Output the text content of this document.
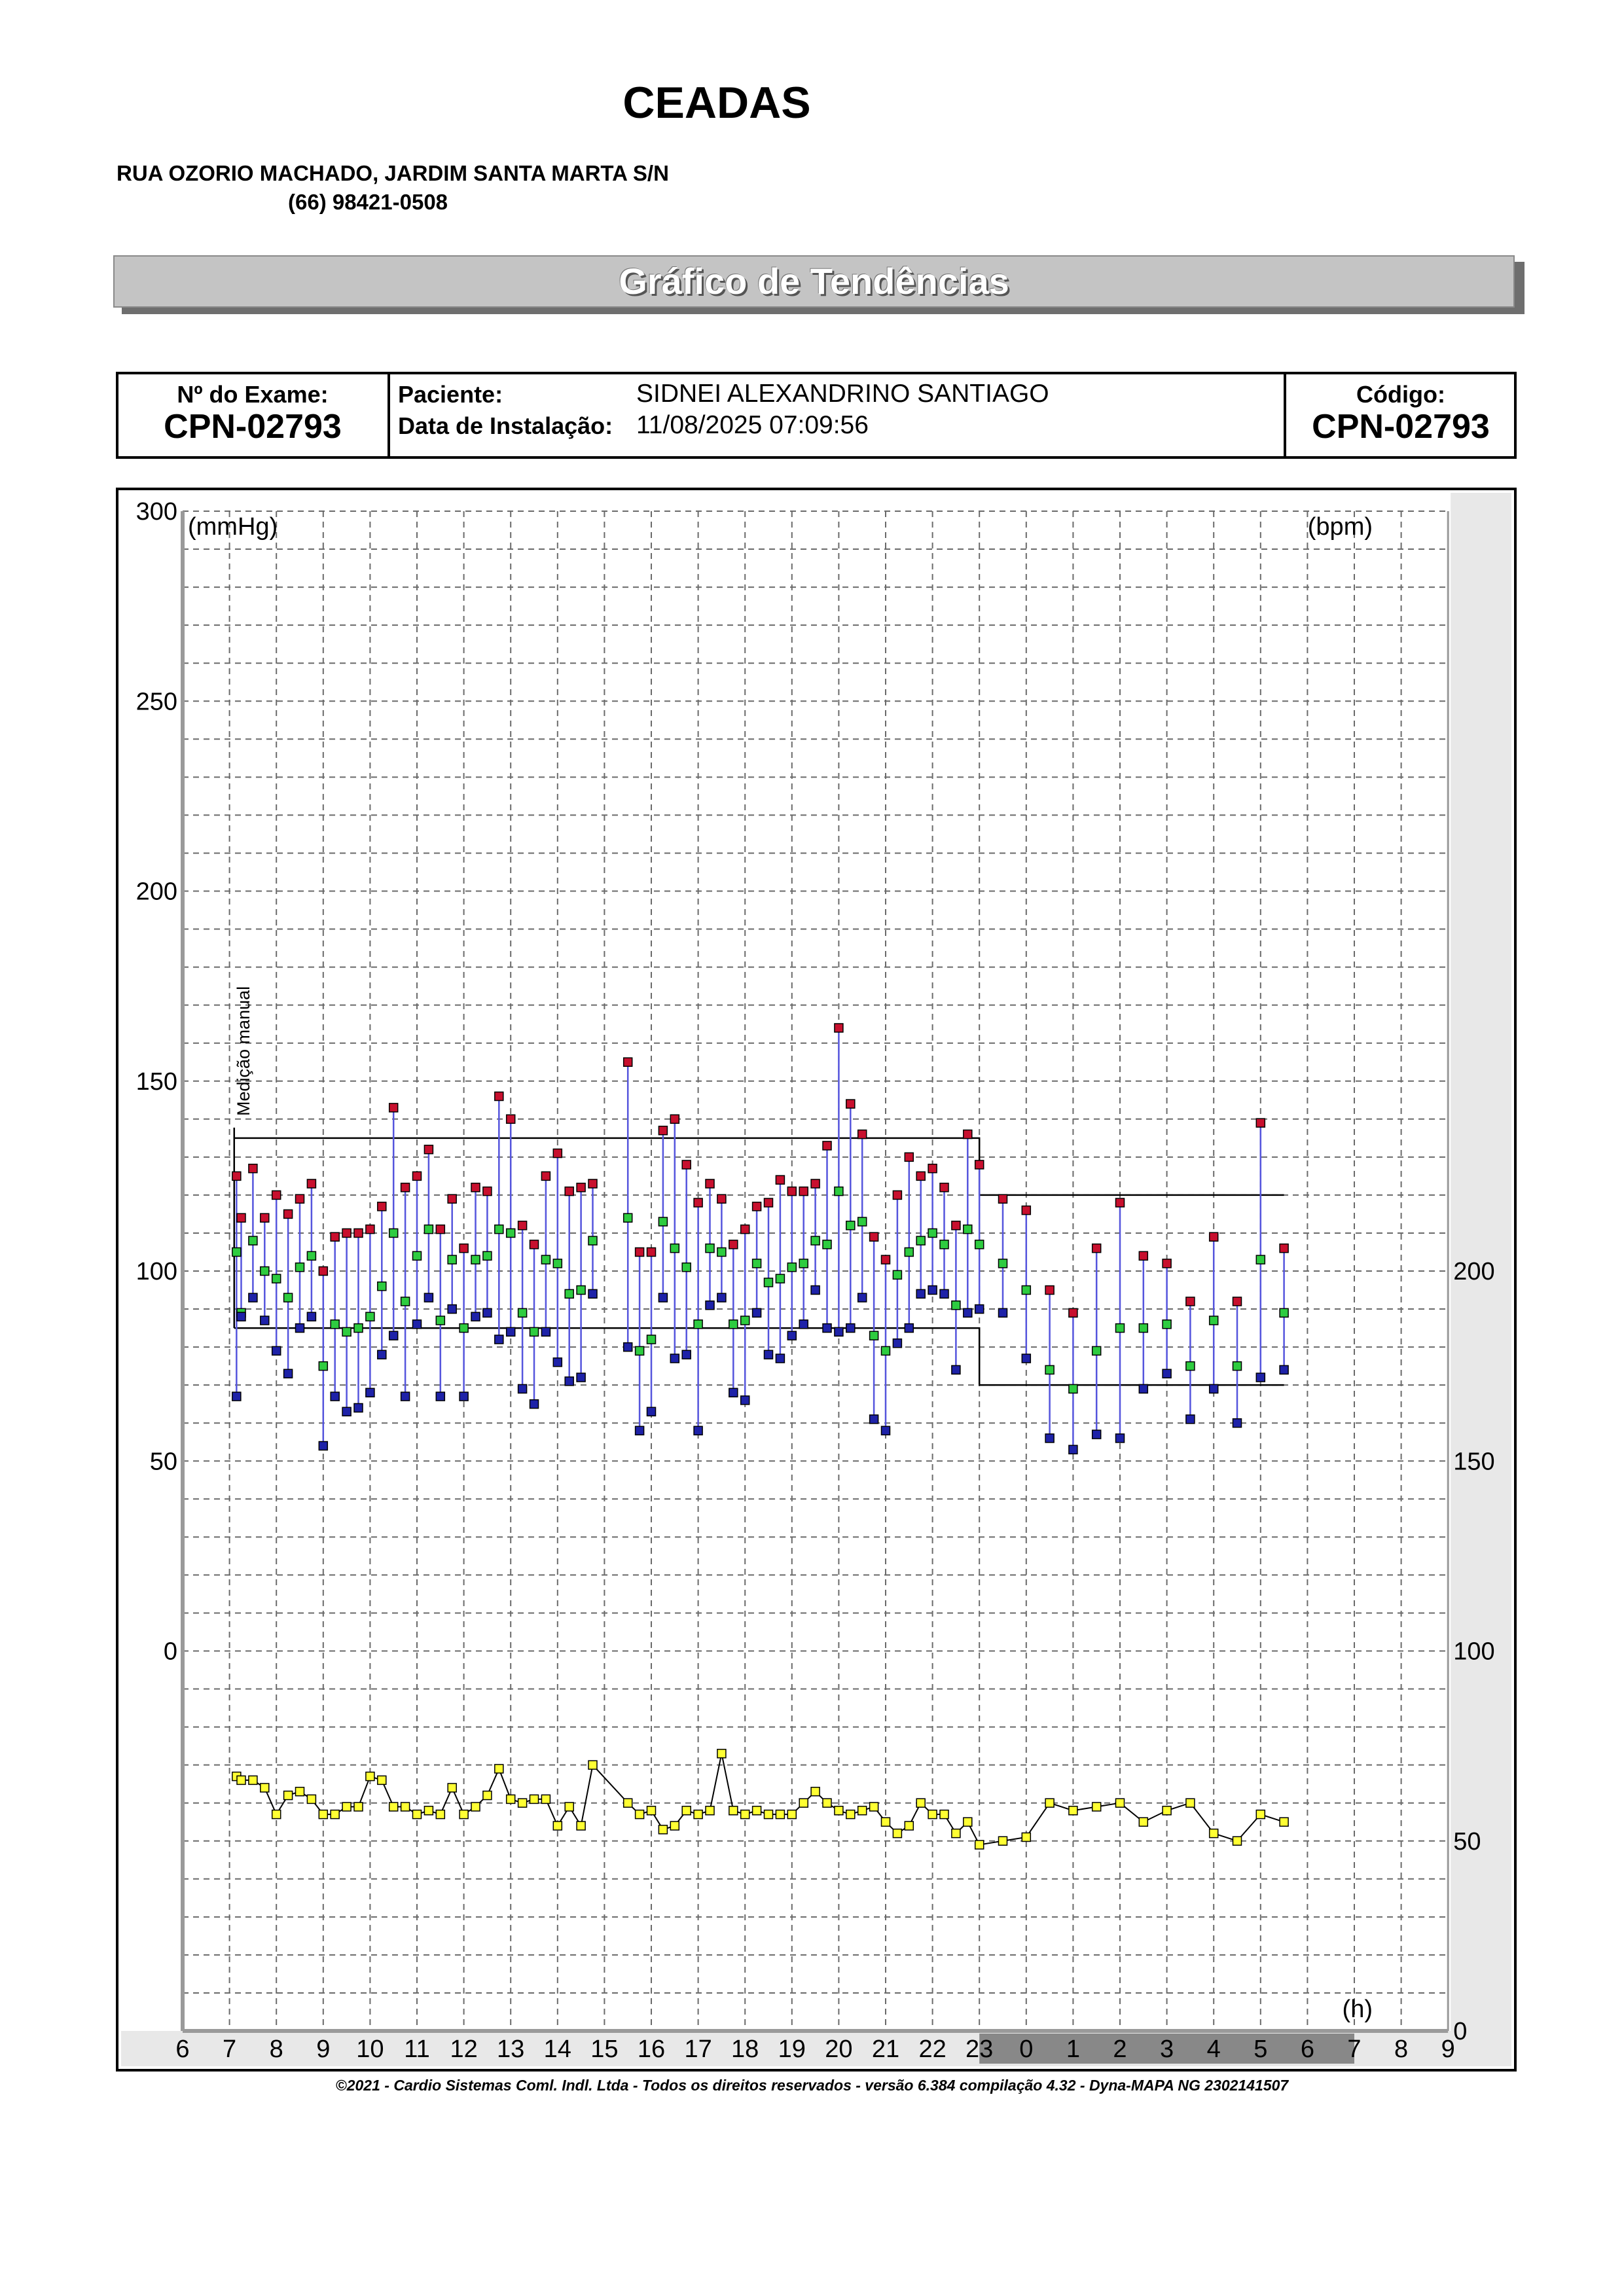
CEADAS
RUA OZORIO MACHADO, JARDIM SANTA MARTA S/N
(66) 98421-0508
Gráfico de Tendências
Nº do Exame:
CPN-02793
Paciente:	SIDNEI ALEXANDRINO SANTIAGO
Data de Instalação: 11/08/2025 07:09:56
Código:
CPN-02793
0
50
100
150
200
250
300
0
50
100
150
200
6 7 8 9 10 11 12 13 14 15 16 17 18 19 20 21 22 23 0 1 2 3 4 5 6 7 8 9
(mmHg)	(bpm)
(h)
Medição manual
©2021 - Cardio Sistemas Coml. Indl. Ltda - Todos os direitos reservados - versão 6.384 compilação 4.32 - Dyna-MAPA NG 2302141507
